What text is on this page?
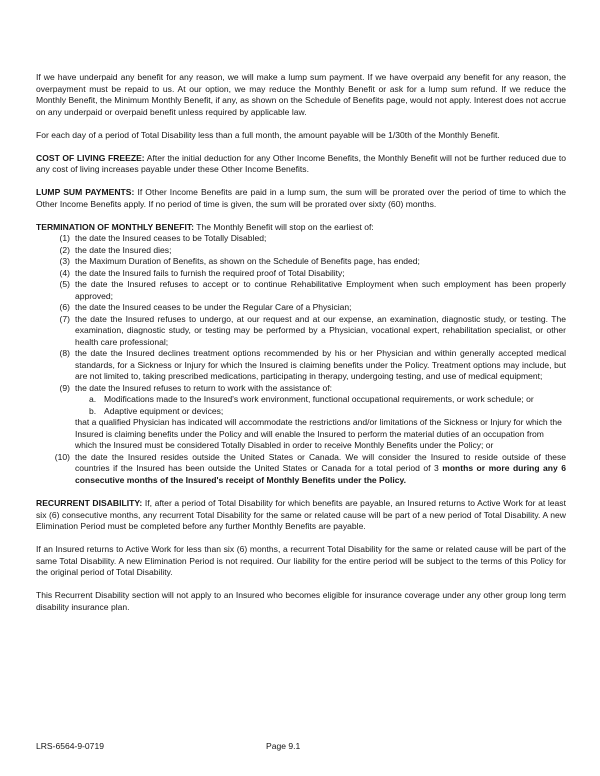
If we have underpaid any benefit for any reason, we will make a lump sum payment. If we have overpaid any benefit for any reason, the overpayment must be repaid to us. At our option, we may reduce the Monthly Benefit or ask for a lump sum refund. If we reduce the Monthly Benefit, the Minimum Monthly Benefit, if any, as shown on the Schedule of Benefits page, would not apply. Interest does not accrue on any underpaid or overpaid benefit unless required by applicable law.

For each day of a period of Total Disability less than a full month, the amount payable will be 1/30th of the Monthly Benefit.

COST OF LIVING FREEZE: After the initial deduction for any Other Income Benefits, the Monthly Benefit will not be further reduced due to any cost of living increases payable under these Other Income Benefits.

LUMP SUM PAYMENTS: If Other Income Benefits are paid in a lump sum, the sum will be prorated over the period of time to which the Other Income Benefits apply. If no period of time is given, the sum will be prorated over sixty (60) months.

TERMINATION OF MONTHLY BENEFIT: The Monthly Benefit will stop on the earliest of:

(1) the date the Insured ceases to be Totally Disabled;
(2) the date the Insured dies;
(3) the Maximum Duration of Benefits, as shown on the Schedule of Benefits page, has ended;
(4) the date the Insured fails to furnish the required proof of Total Disability;
(5) the date the Insured refuses to accept or to continue Rehabilitative Employment when such employment has been properly approved;
(6) the date the Insured ceases to be under the Regular Care of a Physician;
(7) the date the Insured refuses to undergo, at our request and at our expense, an examination, diagnostic study, or testing. The examination, diagnostic study, or testing may be performed by a Physician, vocational expert, rehabilitation specialist, or other health care professional;
(8) the date the Insured declines treatment options recommended by his or her Physician and within generally accepted medical standards, for a Sickness or Injury for which the Insured is claiming benefits under the Policy. Treatment options may include, but are not limited to, taking prescribed medications, participating in therapy, undergoing testing, and use of medical equipment;
(9) the date the Insured refuses to return to work with the assistance of:
a. Modifications made to the Insured's work environment, functional occupational requirements, or work schedule; or
b. Adaptive equipment or devices;
that a qualified Physician has indicated will accommodate the restrictions and/or limitations of the Sickness or Injury for which the Insured is claiming benefits under the Policy and will enable the Insured to perform the material duties of an occupation from which the Insured must be considered Totally Disabled in order to receive Monthly Benefits under the Policy; or
(10) the date the Insured resides outside the United States or Canada. We will consider the Insured to reside outside of these countries if the Insured has been outside the United States or Canada for a total period of 3 months or more during any 6 consecutive months of the Insured's receipt of Monthly Benefits under the Policy.

RECURRENT DISABILITY: If, after a period of Total Disability for which benefits are payable, an Insured returns to Active Work for at least six (6) consecutive months, any recurrent Total Disability for the same or related cause will be part of a new period of Total Disability. A new Elimination Period must be completed before any further Monthly Benefits are payable.

If an Insured returns to Active Work for less than six (6) months, a recurrent Total Disability for the same or related cause will be part of the same Total Disability. A new Elimination Period is not required. Our liability for the entire period will be subject to the terms of this Policy for the original period of Total Disability.

This Recurrent Disability section will not apply to an Insured who becomes eligible for insurance coverage under any other group long term disability insurance plan.

LRS-6564-9-0719	Page 9.1
